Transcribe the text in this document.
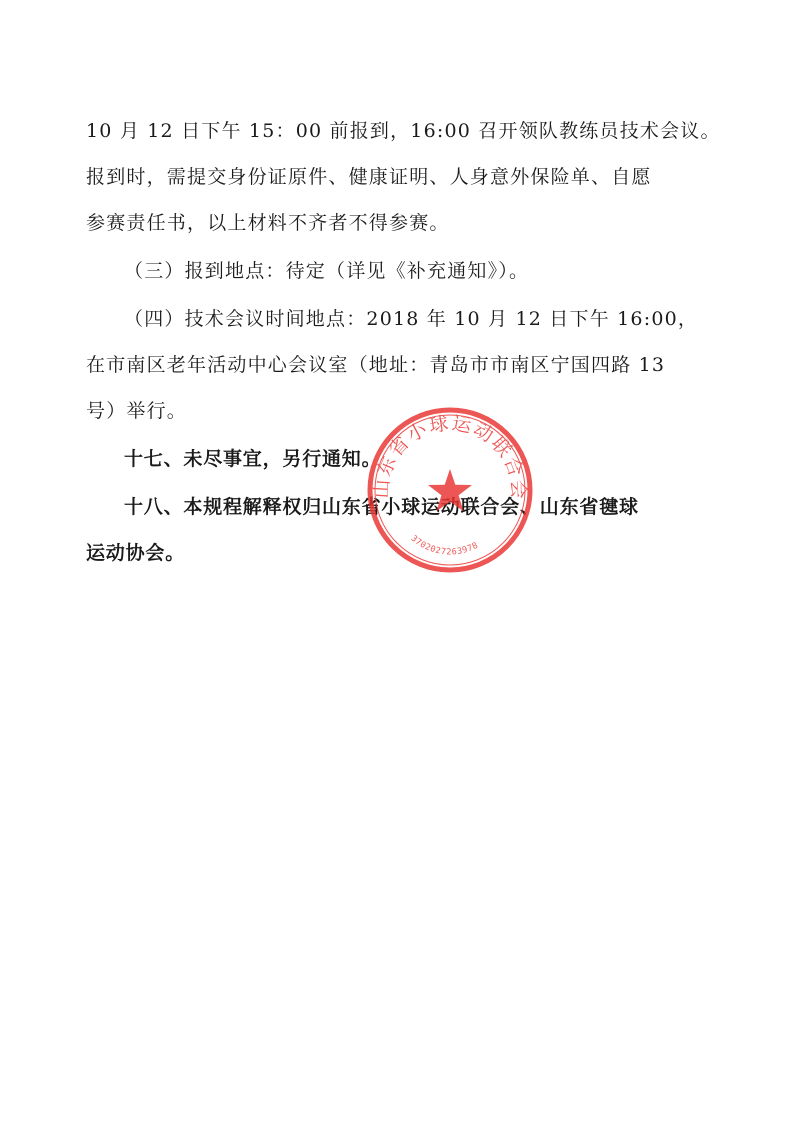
10 月 12 日下午 15：00 前报到，16:00 召开领队教练员技术会议。
报到时，需提交身份证原件、健康证明、人身意外保险单、自愿
参赛责任书，以上材料不齐者不得参赛。
（三）报到地点：待定（详见《补充通知》）。
（四）技术会议时间地点：2018 年 10 月 12 日下午 16:00，
在市南区老年活动中心会议室（地址：青岛市市南区宁国四路 13
号）举行。
十七、未尽事宜，另行通知。
十八、本规程解释权归山东省小球运动联合会、山东省毽球
运动协会。
山东省小球运动联合会
3702027263978
